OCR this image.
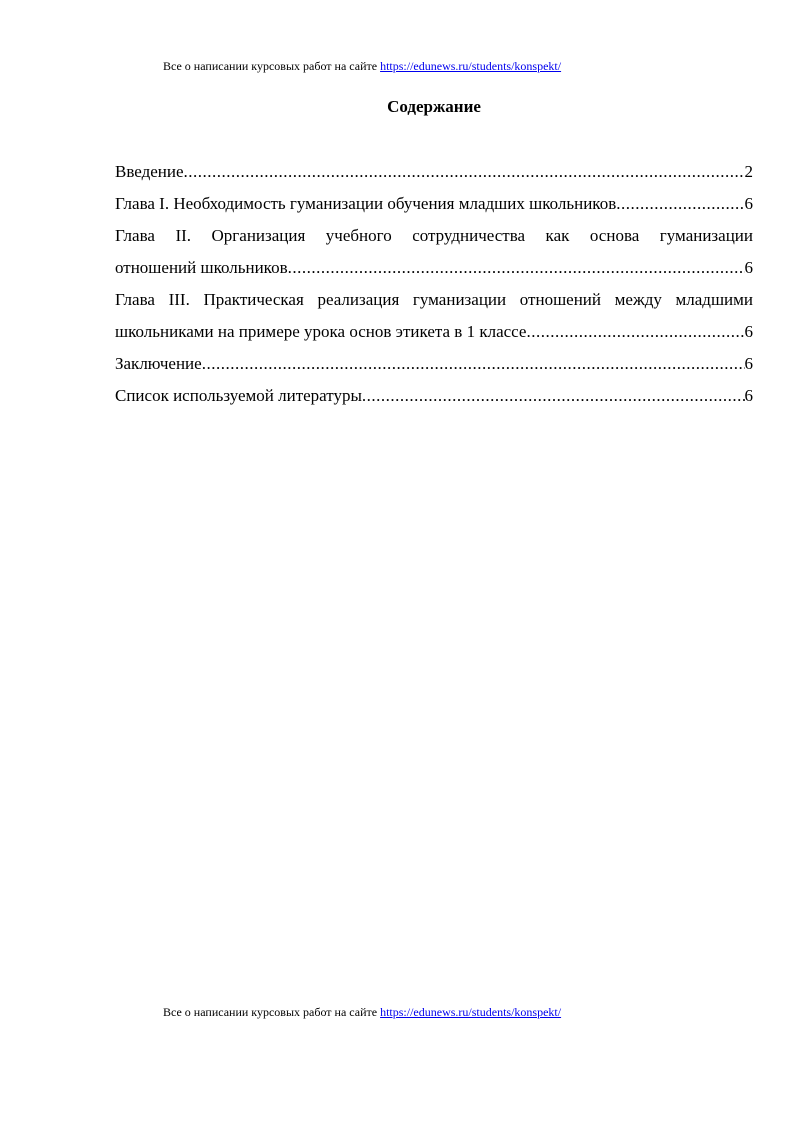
Все о написании курсовых работ на сайте https://edunews.ru/students/konspekt/
Содержание
Введение .....	2
Глава I. Необходимость гуманизации обучения младших школьников .....	6
Глава II. Организация учебного сотрудничества как основа гуманизации
отношений школьников .....	6
Глава III. Практическая реализация гуманизации отношений между младшими
школьниками на примере урока основ этикета в 1 классе .....	6
Заключение .....	6
Список используемой литературы .....	6
Все о написании курсовых работ на сайте https://edunews.ru/students/konspekt/
